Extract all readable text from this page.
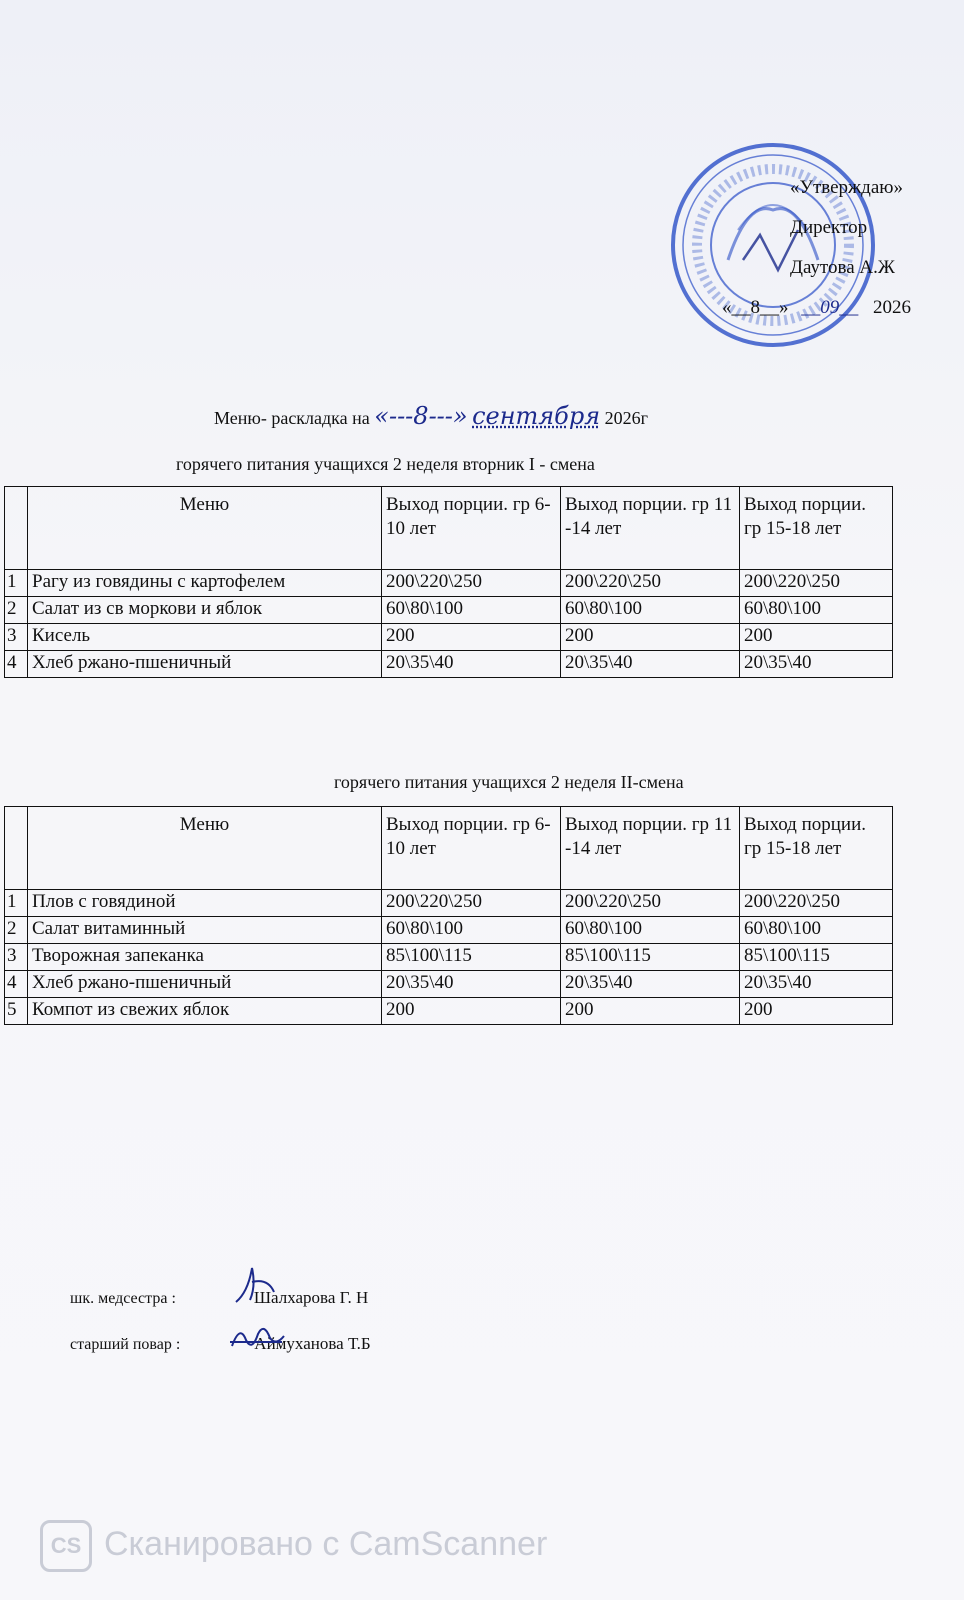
«Утверждаю»
Директор
Даутова А.Ж
«__8__» __09__ 2026
Меню- раскладка на «---8---» сентября 2026г
горячего питания учащихся 2 неделя вторник I - смена
	Меню	Выход порции. гр 6-10 лет	Выход порции. гр 11 -14 лет	Выход порции. гр 15-18 лет
1	Рагу из говядины с картофелем	200\220\250	200\220\250	200\220\250
2	Салат из св моркови и яблок	60\80\100	60\80\100	60\80\100
3	Кисель	200	200	200
4	Хлеб ржано-пшеничный	20\35\40	20\35\40	20\35\40
горячего питания учащихся 2 неделя II-смена
	Меню	Выход порции. гр 6-10 лет	Выход порции. гр 11 -14 лет	Выход порции. гр 15-18 лет
1	Плов с говядиной	200\220\250	200\220\250	200\220\250
2	Салат витаминный	60\80\100	60\80\100	60\80\100
3	Творожная запеканка	85\100\115	85\100\115	85\100\115
4	Хлеб ржано-пшеничный	20\35\40	20\35\40	20\35\40
5	Компот из свежих яблок	200	200	200
шк. медсестра :	Шалхарова Г. Н
старший повар :	Аймуханова Т.Б
CS Сканировано с CamScanner
